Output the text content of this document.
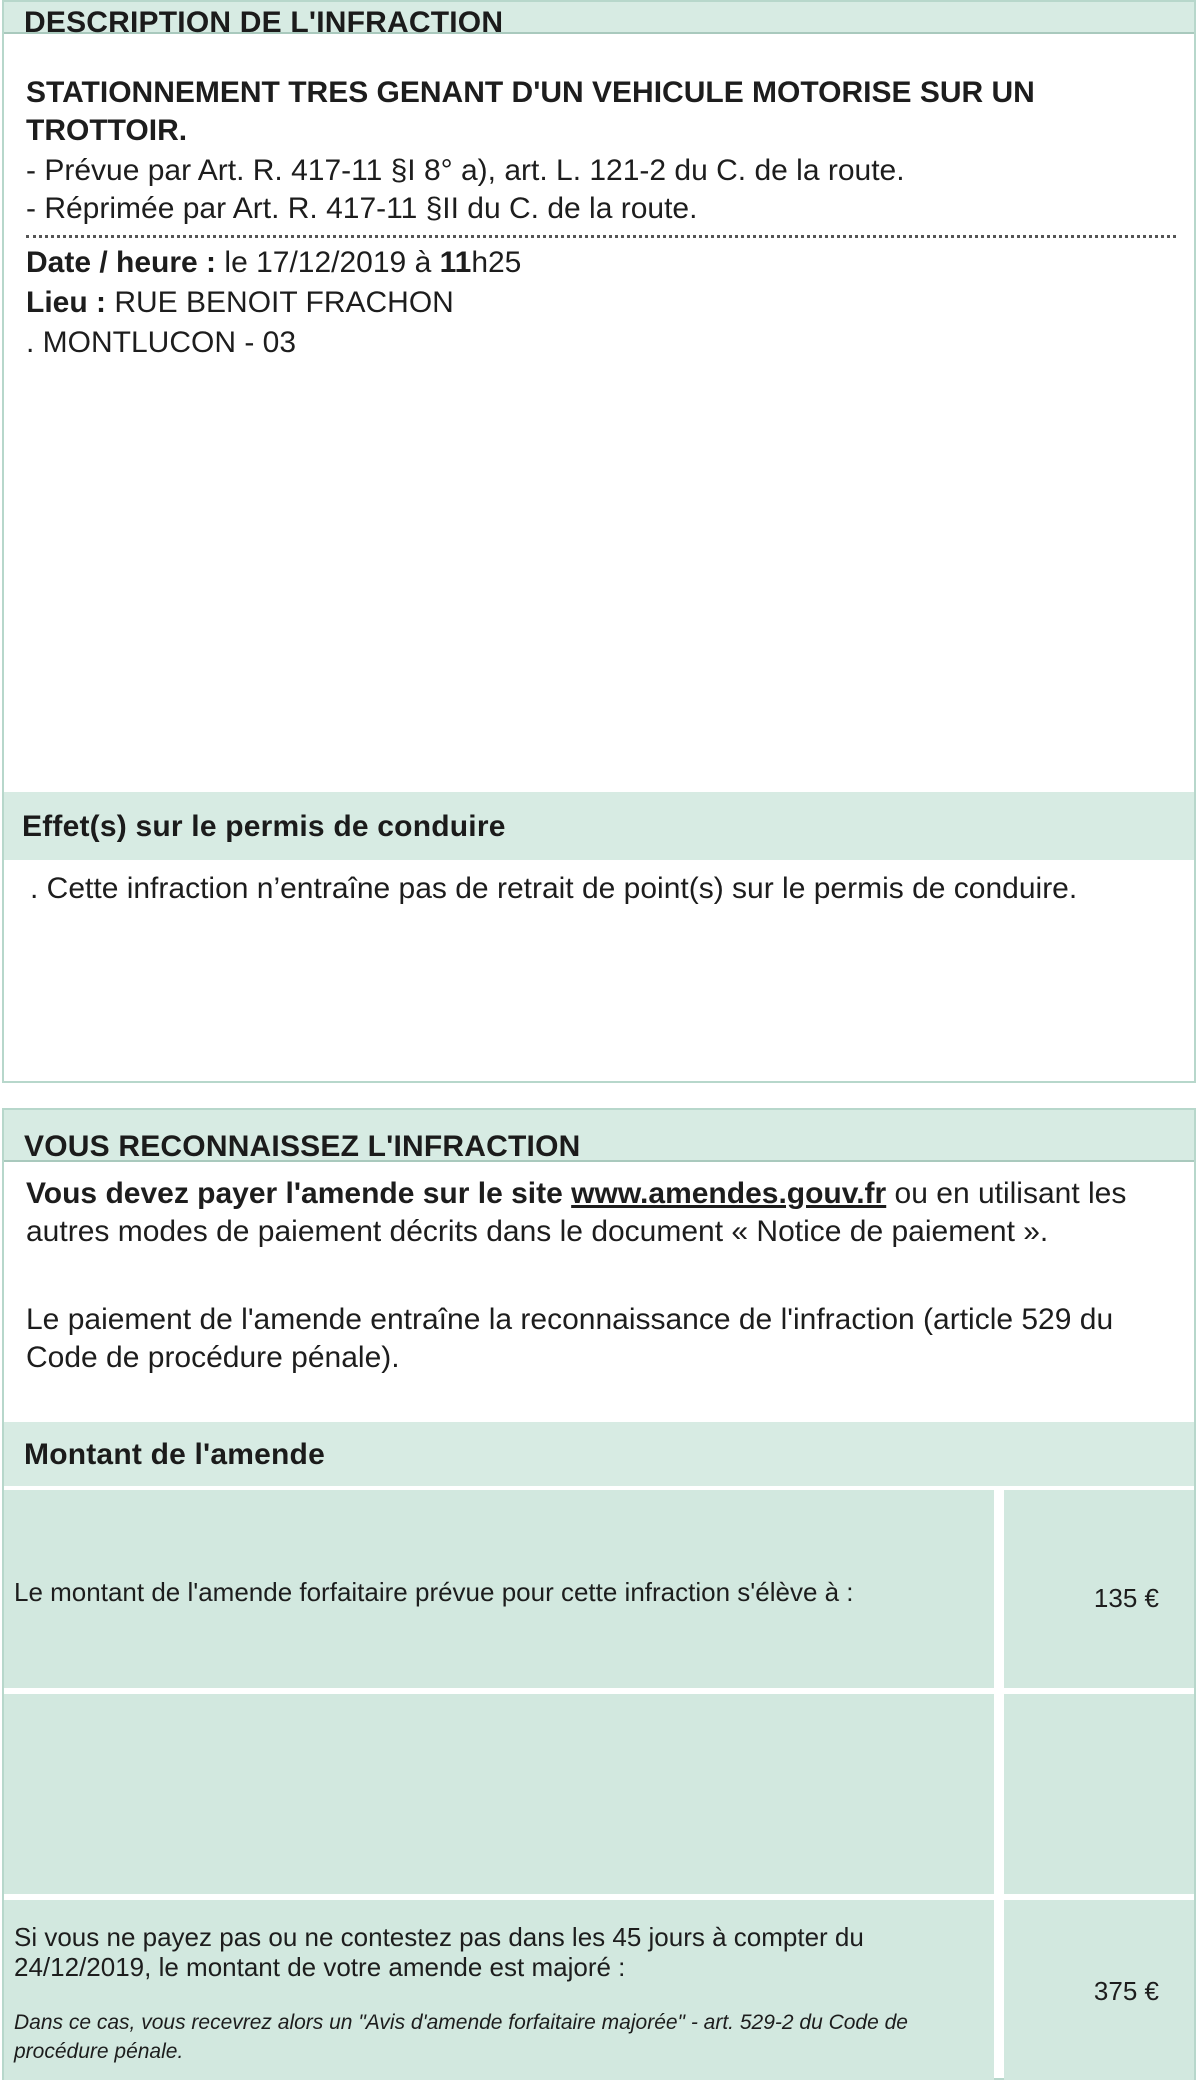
DESCRIPTION DE L'INFRACTION
STATIONNEMENT TRES GENANT D'UN VEHICULE MOTORISE SUR UN TROTTOIR.
- Prévue par Art. R. 417-11 §I 8° a), art. L. 121-2 du C. de la route.
- Réprimée par Art. R. 417-11 §II du C. de la route.
Date / heure : le 17/12/2019 à 11h25
Lieu : RUE BENOIT FRACHON
. MONTLUCON - 03
Effet(s) sur le permis de conduire
. Cette infraction n’entraîne pas de retrait de point(s) sur le permis de conduire.
VOUS RECONNAISSEZ L'INFRACTION
Vous devez payer l'amende sur le site www.amendes.gouv.fr ou en utilisant les autres modes de paiement décrits dans le document « Notice de paiement ».
Le paiement de l'amende entraîne la reconnaissance de l'infraction (article 529 du Code de procédure pénale).
Montant de l'amende
Le montant de l'amende forfaitaire prévue pour cette infraction s'élève à :	135 €
Si vous ne payez pas ou ne contestez pas dans les 45 jours à compter du 24/12/2019, le montant de votre amende est majoré :
Dans ce cas, vous recevrez alors un "Avis d'amende forfaitaire majorée" - art. 529-2 du Code de procédure pénale.
375 €
